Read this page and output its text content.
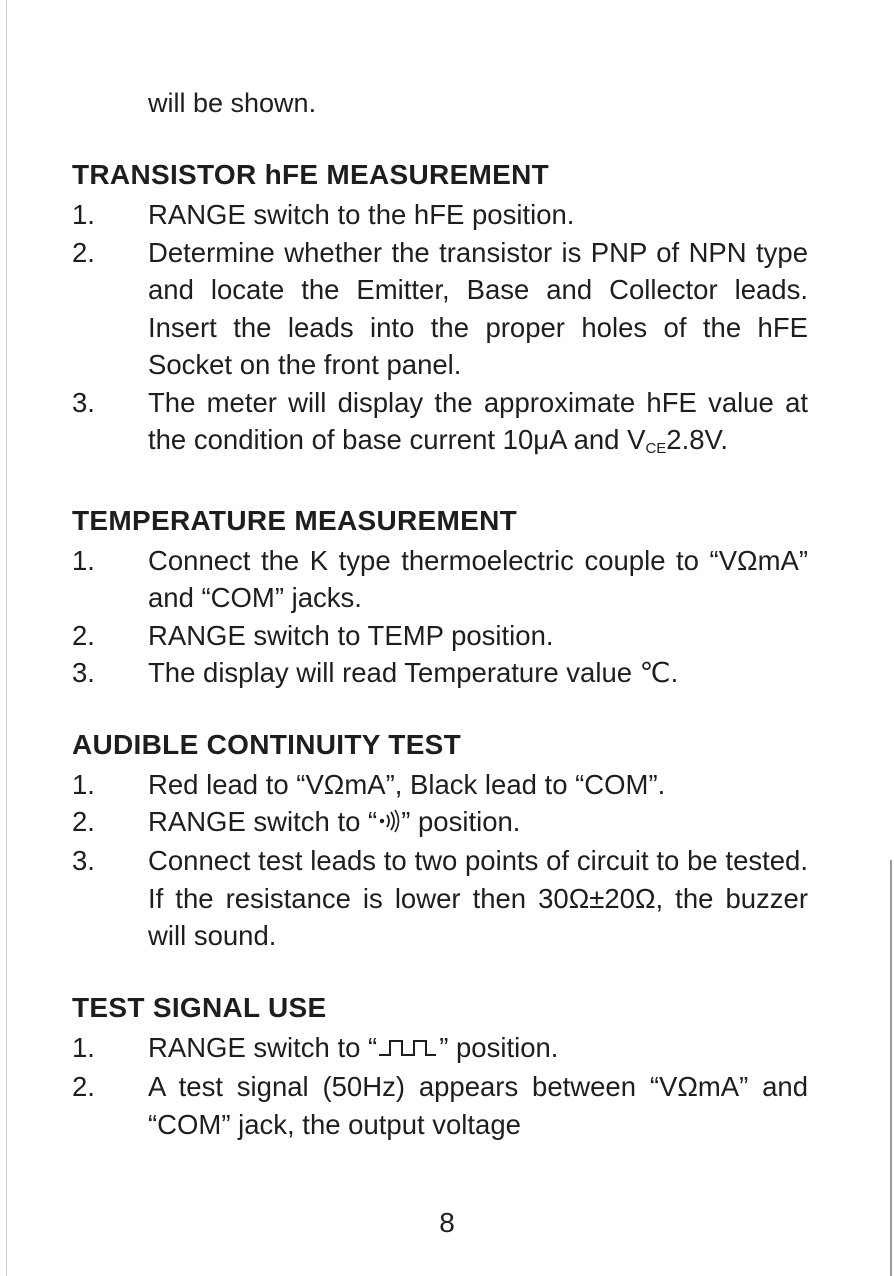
will be shown.

TRANSISTOR hFE MEASUREMENT
1.	RANGE switch to the hFE position.
2.	Determine whether the transistor is PNP of NPN type and locate the Emitter, Base and Collector leads. Insert the leads into the proper holes of the hFE Socket on the front panel.
3.	The meter will display the approximate hFE value at the condition of base current 10μA and $V_{CE}2.8V$.
TEMPERATURE MEASUREMENT
1.	Connect the K type thermoelectric couple to “VΩmA” and “COM” jacks.
2.	RANGE switch to TEMP position.
3.	The display will read Temperature value ℃.
AUDIBLE CONTINUITY TEST
1.	Red lead to “VΩmA”, Black lead to “COM”.
2.	RANGE switch to “ ” position.
3.	Connect test leads to two points of circuit to be tested. If the resistance is lower then 30Ω±20Ω, the buzzer will sound.
TEST SIGNAL USE
1.	RANGE switch to “ ” position.
2.	A test signal (50Hz) appears between “VΩmA” and “COM” jack, the output voltage
8
